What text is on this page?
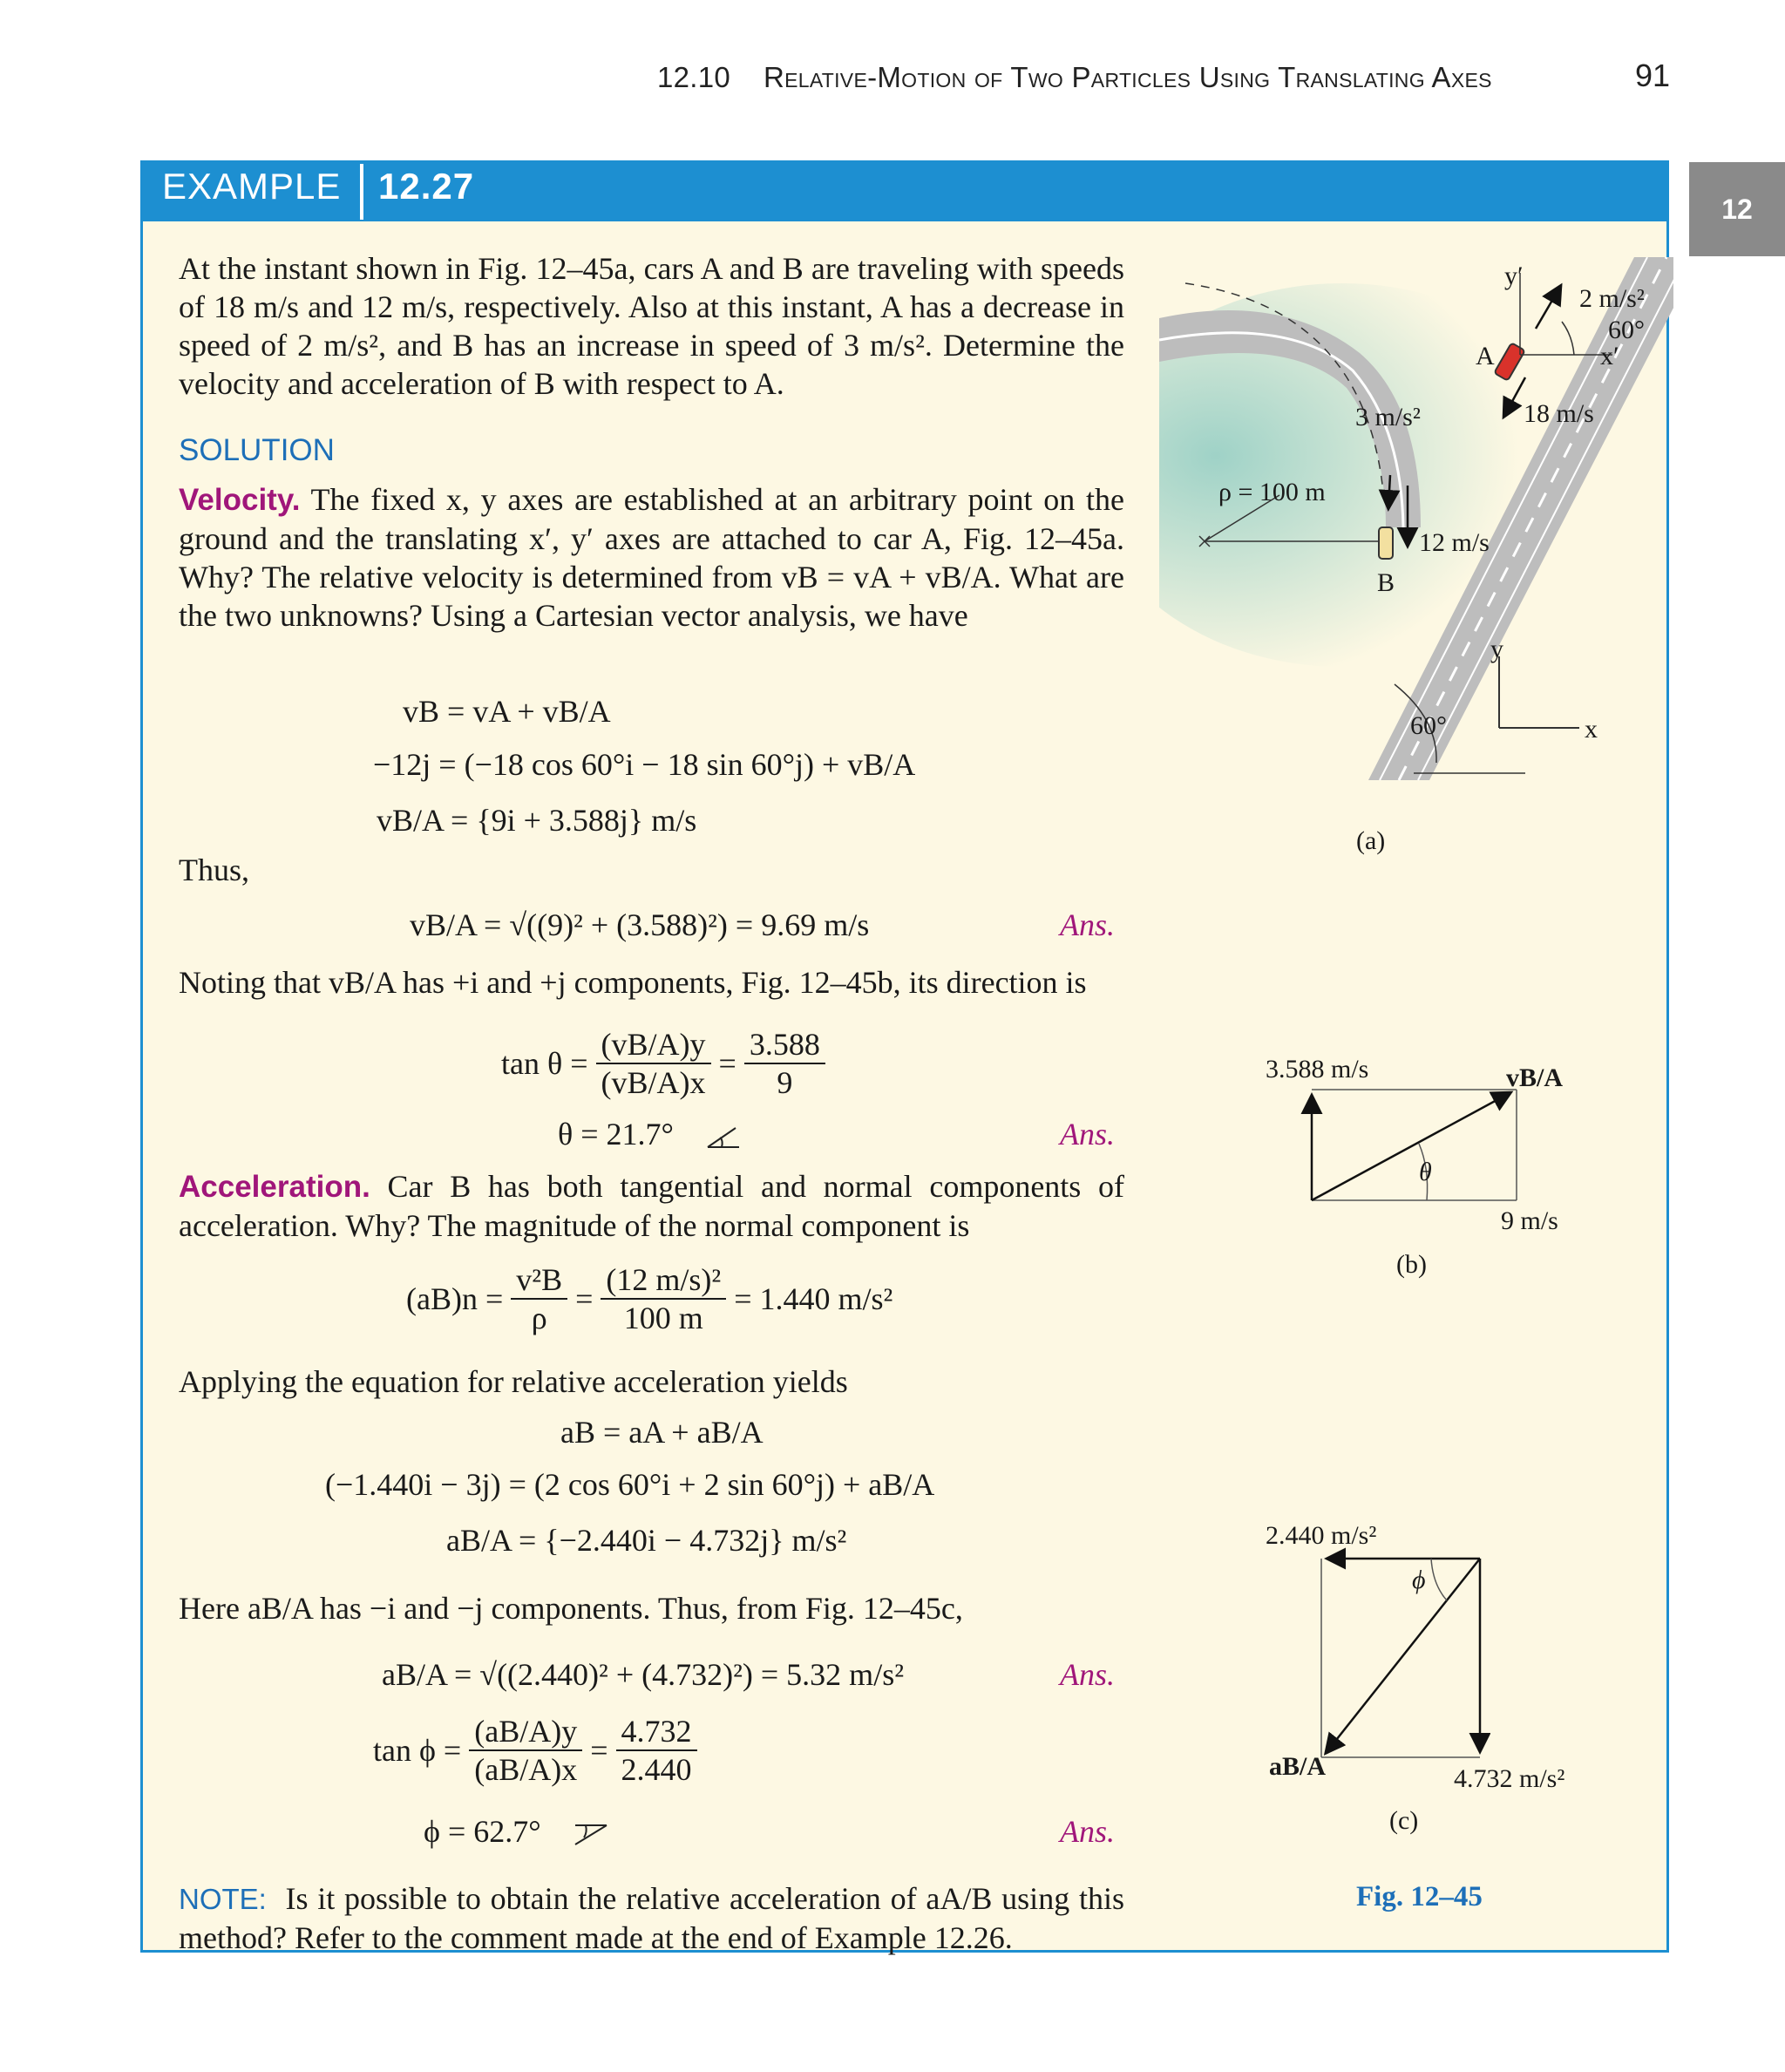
12.10 Relative-Motion of Two Particles Using Translating Axes	91
12
EXAMPLE 12.27
At the instant shown in Fig. 12–45a, cars A and B are traveling with speeds of 18 m/s and 12 m/s, respectively. Also at this instant, A has a decrease in speed of 2 m/s², and B has an increase in speed of 3 m/s². Determine the velocity and acceleration of B with respect to A.
SOLUTION
Velocity. The fixed x, y axes are established at an arbitrary point on the ground and the translating x′, y′ axes are attached to car A, Fig. 12–45a. Why? The relative velocity is determined from vB = vA + vB/A. What are the two unknowns? Using a Cartesian vector analysis, we have
vB = vA + vB/A
−12j = (−18 cos 60°i − 18 sin 60°j) + vB/A
vB/A = {9i + 3.588j} m/s
Thus,
vB/A = √((9)² + (3.588)²) = 9.69 m/s	Ans.
Noting that vB/A has +i and +j components, Fig. 12–45b, its direction is
tan θ =
$\frac{(vB/A)y}{(vB/A)x} = \frac{3.588}{9}$
θ = 21.7°	Ans.
Acceleration. Car B has both tangential and normal components of acceleration. Why? The magnitude of the normal component is
(aB)n =
$\frac{\text{v²B}}{\rho} = \frac{\text{(12 m/s)²}}{100 m}$
= 1.440 m/s²
Applying the equation for relative acceleration yields
aB = aA + aB/A
(−1.440i − 3j) = (2 cos 60°i + 2 sin 60°j) + aB/A
aB/A = {−2.440i − 4.732j} m/s²
Here aB/A has −i and −j components. Thus, from Fig. 12–45c,
aB/A = √((2.440)² + (4.732)²) = 5.32 m/s²	Ans.
tan ϕ =
$\frac{(aB/A)y}{(aB/A)x} = \frac{4.732}{2.440}$
ϕ = 62.7°	Ans.
NOTE: Is it possible to obtain the relative acceleration of aA/B using this method? Refer to the comment made at the end of Example 12.26.
y′
2 m/s²
60°
x′
A
18 m/s
3 m/s²
ρ = 100 m
12 m/s
B
y
x
60°
(a)
3.588 m/s	vB/A
θ
9 m/s
(b)
2.440 m/s²
ϕ
aB/A	4.732 m/s²
(c)
Fig. 12–45
